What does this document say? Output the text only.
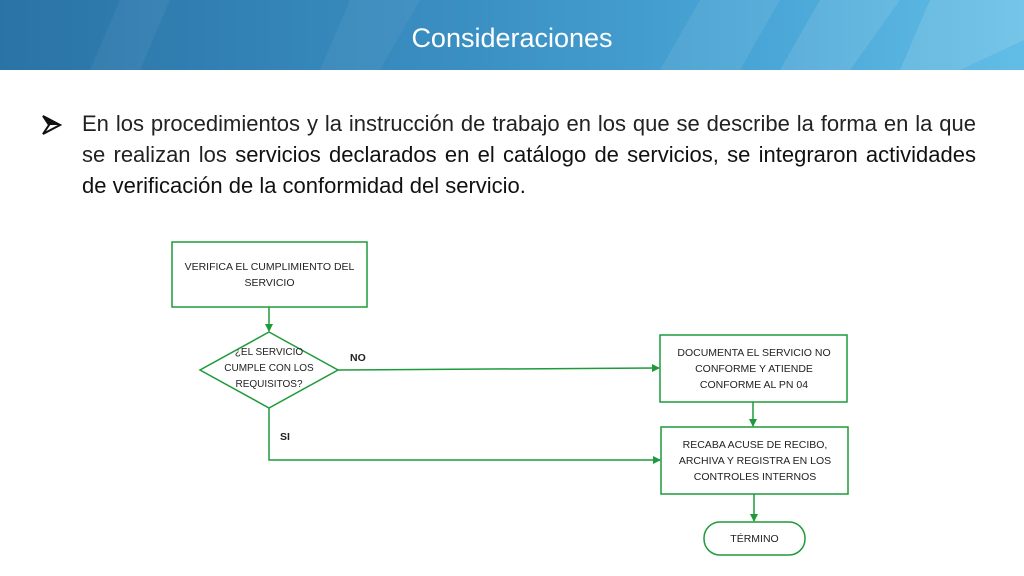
Consideraciones
En los procedimientos y la instrucción de trabajo en los que se describe la forma en la que se realizan los servicios declarados en el catálogo de servicios, se integraron actividades de verificación de la conformidad del servicio.
VERIFICA EL CUMPLIMIENTO DEL SERVICIO
¿EL SERVICIO CUMPLE CON LOS REQUISITOS?
NO
SI
DOCUMENTA EL SERVICIO NO CONFORME Y ATIENDE CONFORME AL PN 04
RECABA ACUSE DE RECIBO, ARCHIVA Y REGISTRA EN LOS CONTROLES INTERNOS
TÉRMINO
